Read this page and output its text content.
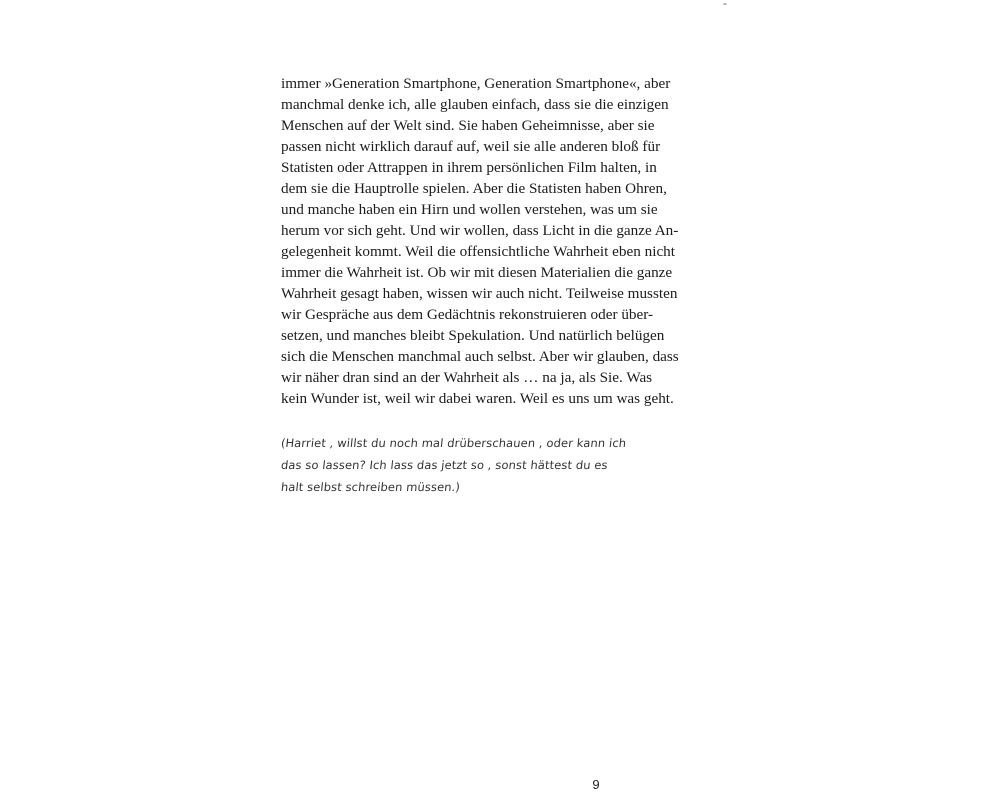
-
immer »Generation Smartphone, Generation Smartphone«, aber
manchmal denke ich, alle glauben einfach, dass sie die einzigen
Menschen auf der Welt sind. Sie haben Geheimnisse, aber sie
passen nicht wirklich darauf auf, weil sie alle anderen bloß für
Statisten oder Attrappen in ihrem persönlichen Film halten, in
dem sie die Hauptrolle spielen. Aber die Statisten haben Ohren,
und manche haben ein Hirn und wollen verstehen, was um sie
herum vor sich geht. Und wir wollen, dass Licht in die ganze An-
gelegenheit kommt. Weil die offensichtliche Wahrheit eben nicht
immer die Wahrheit ist. Ob wir mit diesen Materialien die ganze
Wahrheit gesagt haben, wissen wir auch nicht. Teilweise mussten
wir Gespräche aus dem Gedächtnis rekonstruieren oder über-
setzen, und manches bleibt Spekulation. Und natürlich belügen
sich die Menschen manchmal auch selbst. Aber wir glauben, dass
wir näher dran sind an der Wahrheit als … na ja, als Sie. Was
kein Wunder ist, weil wir dabei waren. Weil es uns um was geht.
(Harriet , willst du noch mal drüberschauen , oder kann ich
das so lassen? Ich lass das jetzt so , sonst hättest du es
halt selbst schreiben müssen.)
9
